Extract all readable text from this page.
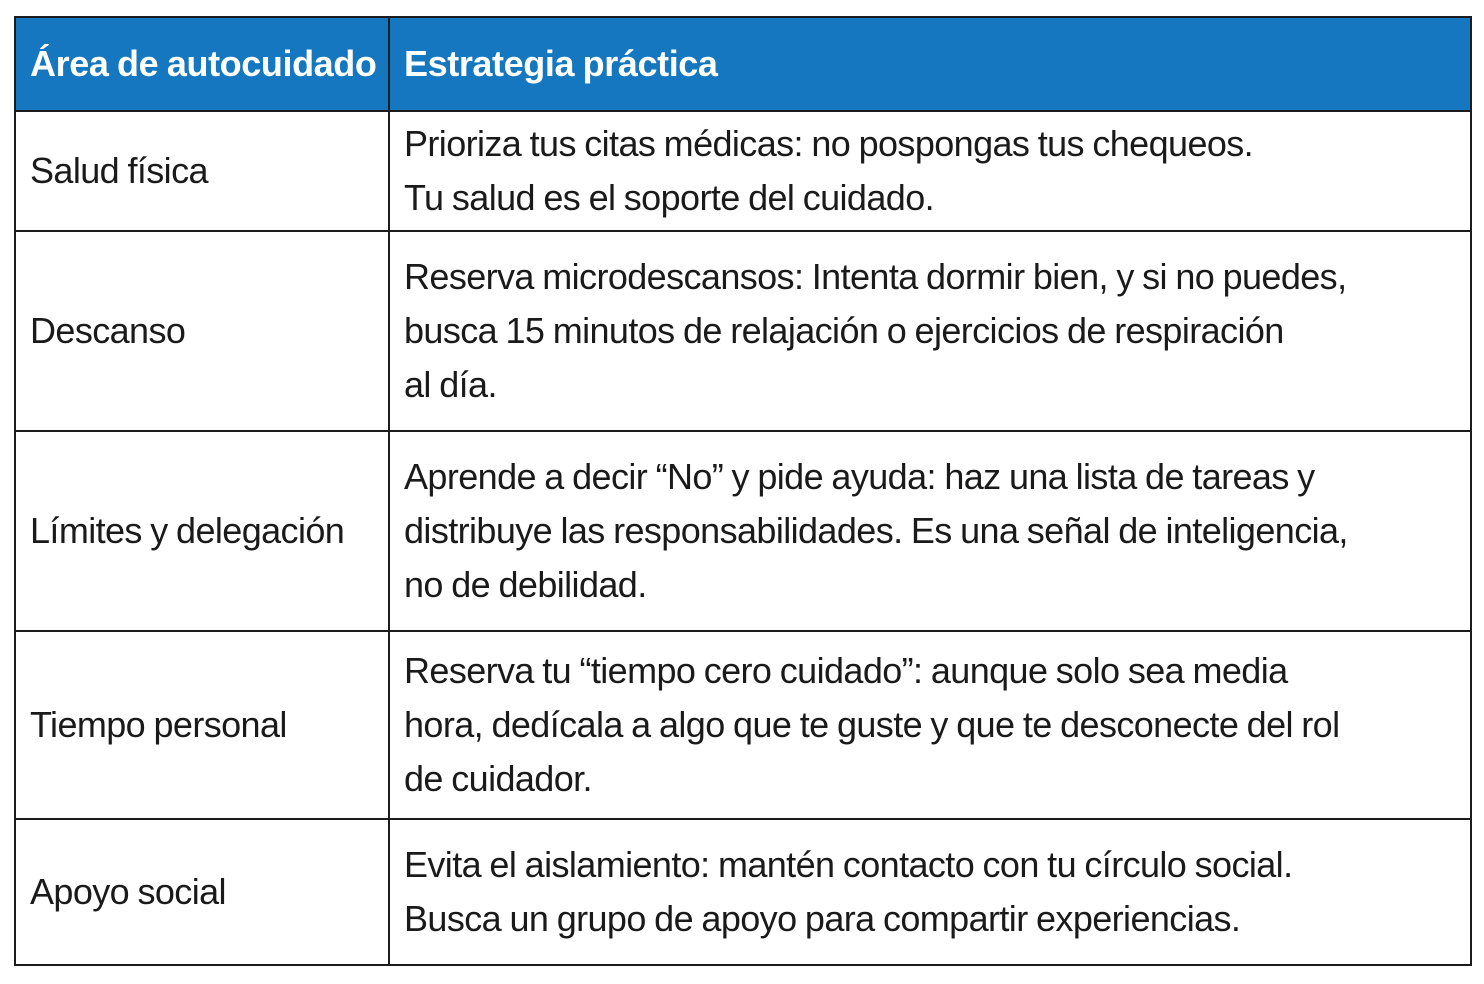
Área de autocuidado	Estrategia práctica
Salud física	Prioriza tus citas médicas: no pospongas tus chequeos.
Tu salud es el soporte del cuidado.

Descanso	Reserva microdescansos: Intenta dormir bien, y si no puedes,
busca 15 minutos de relajación o ejercicios de respiración
al día.

Límites y delegación	Aprende a decir “No” y pide ayuda: haz una lista de tareas y
distribuye las responsabilidades. Es una señal de inteligencia,
no de debilidad.

Tiempo personal	Reserva tu “tiempo cero cuidado”: aunque solo sea media
hora, dedícala a algo que te guste y que te desconecte del rol
de cuidador.

Apoyo social	Evita el aislamiento: mantén contacto con tu círculo social.
Busca un grupo de apoyo para compartir experiencias.
